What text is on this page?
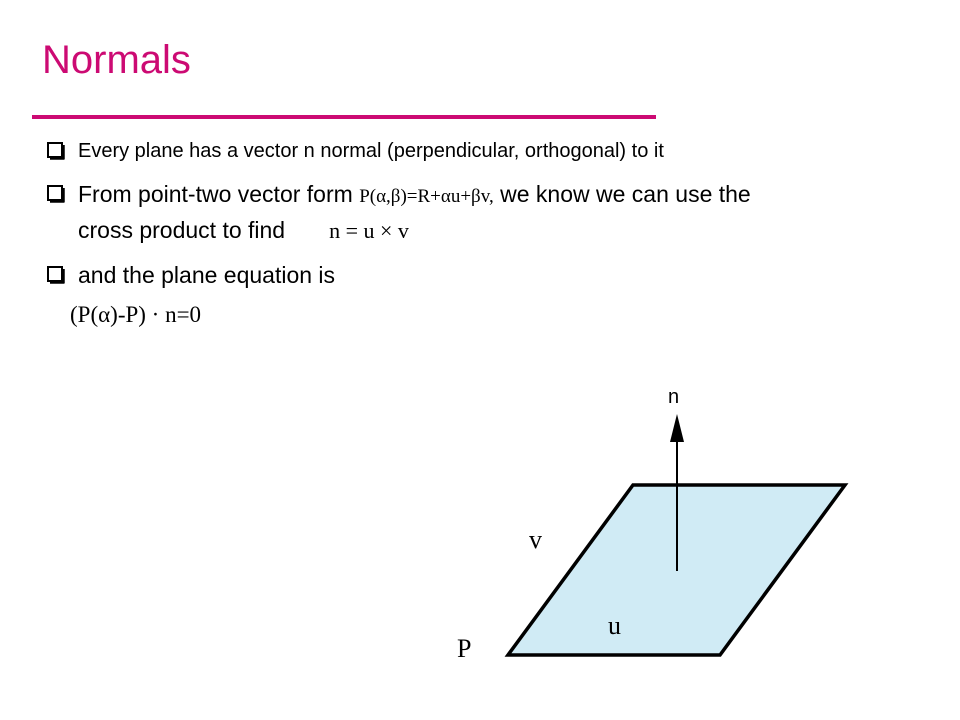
Normals
Every plane has a vector n normal (perpendicular, orthogonal) to it
From point-two vector form P(α,β)=R+αu+βv, we know we can use the
cross product to find n = u × v
and the plane equation is
(P(α)-P) · n=0
n
v
u
P
